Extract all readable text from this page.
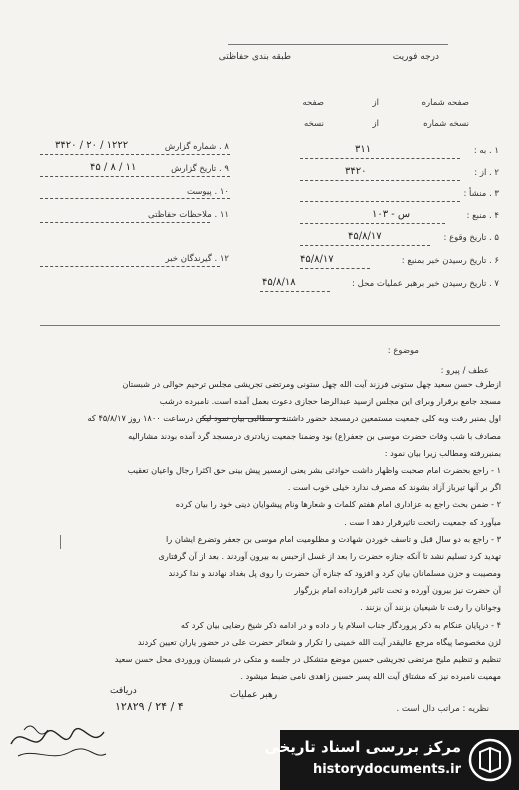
درجه فوریت
طبقه بندی حفاظتی
صفحه شماره
از
صفحه
نسخه شماره
از
نسخه
۸ . شماره گزارش
۳۴۲۰ / ۲۰ / ۱۲۲۲
۹ . تاریخ گزارش
۴۵ / ۸ / ۱۱
۱۰ . پیوست
۱۱ . ملاحظات حفاظتی
۱۲ . گیرندگان خبر
۱ . به :
۳۱۱
۲ . از :
۳۴۲۰
۳ . منشأ :
۴ . منبع :
س - ۱۰۳
۵ . تاریخ وقوع :
۴۵/۸/۱۷
۶ . تاریخ رسیدن خبر بمنبع :
۴۵/۸/۱۷
۷ . تاریخ رسیدن خبر برهبر عملیات محل :
۴۵/۸/۱۸
موضوع :
عطف / پیرو :
ازطرف حسن سعید چهل ستونی فرزند آیت الله چهل ستونی ومرتضی تجریشی مجلس ترحیم حوالی در شبستان
مسجد جامع برقرار وبرای این مجلس ازسید عبدالرضا حجازی دعوت بعمل آمده است. نامبرده درشب
اول بمنبر رفت وبه کلی جمعیت مستمعین درمسجد حضور داشتند و مطالبی بیان نمود لیکن درساعت ۱۸۰۰ روز ۴۵/۸/۱۷ که
مصادف با شب وفات حضرت موسی بن جعفر(ع) بود وضمنا جمعیت زیادتری درمسجد گرد آمده بودند مشارالیه
بمنبررفته ومطالب زیرا بیان نمود :
۱ - راجع بحضرت امام صحبت واظهار داشت حوادثی بشر یعنی ازمسیر پیش بینی حق اکثرا رجال واعیان تعقیب
اگر بر آنها تیرباز آزاد بشوند که مصرف ندارد خیلی خوب است .
۲ - ضمن بحث راجع به عزاداری امام هفتم کلمات و شعارها ونام پیشوایان دینی خود را بیان کرده
میآورد که جمعیت راتحت تاثیرقرار دهد ا ست .
۳ - راجع به دو سال قبل و تاسف خوردن شهادت و مظلومیت امام موسی بن جعفر وتضرع ایشان را
تهدید کرد تسلیم نشد تا آنکه جنازه حضرت را بعد از غسل ازحبس به بیرون آوردند . بعد از آن گرفتاری
ومصیبت و حزن مسلمانان بیان کرد و افزود که جنازه آن حضرت را روی پل بغداد نهادند و ندا کردند
آن حضرت نیز بیرون آورده و تحت تاثیر قرارداده امام بزرگوار
وجوانان را رفت تا شیعیان بزنند آن بزنند .
۴ - درپایان عنکام به ذکر پروردگار جناب اسلام یا ر داده و در ادامه ذکر شیخ رضایی بیان کرد که
لزن مخصوصا پیگاه مرجع عالیقدر آیت الله خمینی را تکرار و شعائر حضرت علی در حضور یاران تعیین کردند
تنظیم و تنظیم ملیح مرتضی تجریشی حسین موضع متشکل در جلسه و متکی در شبستان وروردی محل حسن سعید
مهمیت نامبرده نیز که مشتاق آیت الله پسر حسین زاهدی نامی ضبط میشود .
نظریه : مراتب دال است .
رهبر عملیات
دریافت
۱۲۸۲۹ / ۲۴ / ۴
مرکز بررسی اسناد تاریخی
historydocuments.ir
